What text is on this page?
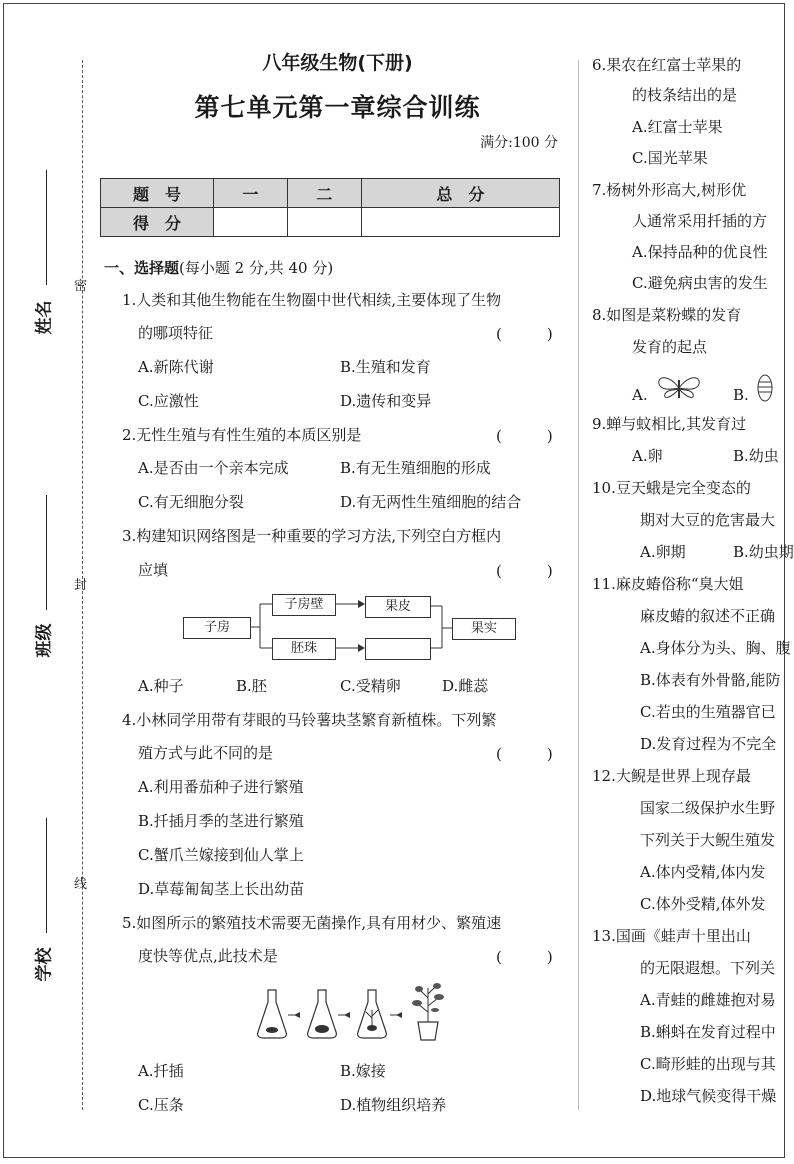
密
封
线
姓名
班级
学校
八年级生物(下册)
第七单元第一章综合训练
满分:100 分
题　号	一	二	总　分
得　分			
一、选择题(每小题 2 分,共 40 分)
1.人类和其他生物能在生物圈中世代相续,主要体现了生物
的哪项特征	(　　　)
A.新陈代谢	B.生殖和发育
C.应激性	D.遗传和变异
2.无性生殖与有性生殖的本质区别是	(　　　)
A.是否由一个亲本完成	B.有无生殖细胞的形成
C.有无细胞分裂	D.有无两性生殖细胞的结合
3.构建知识网络图是一种重要的学习方法,下列空白方框内
应填	(　　　)
子房
子房壁	果皮
胚珠
果实
A.种子	B.胚	C.受精卵	D.雌蕊
4.小林同学用带有芽眼的马铃薯块茎繁育新植株。下列繁
殖方式与此不同的是	(　　　)
A.利用番茄种子进行繁殖
B.扦插月季的茎进行繁殖
C.蟹爪兰嫁接到仙人掌上
D.草莓匍匐茎上长出幼苗
5.如图所示的繁殖技术需要无菌操作,具有用材少、繁殖速
度快等优点,此技术是	(　　　)
A.扦插	B.嫁接
C.压条	D.植物组织培养
6.果农在红富士苹果的
的枝条结出的是
A.红富士苹果
C.国光苹果
7.杨树外形高大,树形优
人通常采用扦插的方
A.保持品种的优良性
C.避免病虫害的发生
8.如图是菜粉蝶的发育
发育的起点
A.	B.
9.蝉与蚊相比,其发育过
A.卵	B.幼虫
10.豆天蛾是完全变态的
期对大豆的危害最大
A.卵期	B.幼虫期
11.麻皮蝽俗称“臭大姐
麻皮蝽的叙述不正确
A.身体分为头、胸、腹
B.体表有外骨骼,能防
C.若虫的生殖器官已
D.发育过程为不完全
12.大鲵是世界上现存最
国家二级保护水生野
下列关于大鲵生殖发
A.体内受精,体内发
C.体外受精,体外发
13.国画《蛙声十里出山
的无限遐想。下列关
A.青蛙的雌雄抱对易
B.蝌蚪在发育过程中
C.畸形蛙的出现与其
D.地球气候变得干燥
